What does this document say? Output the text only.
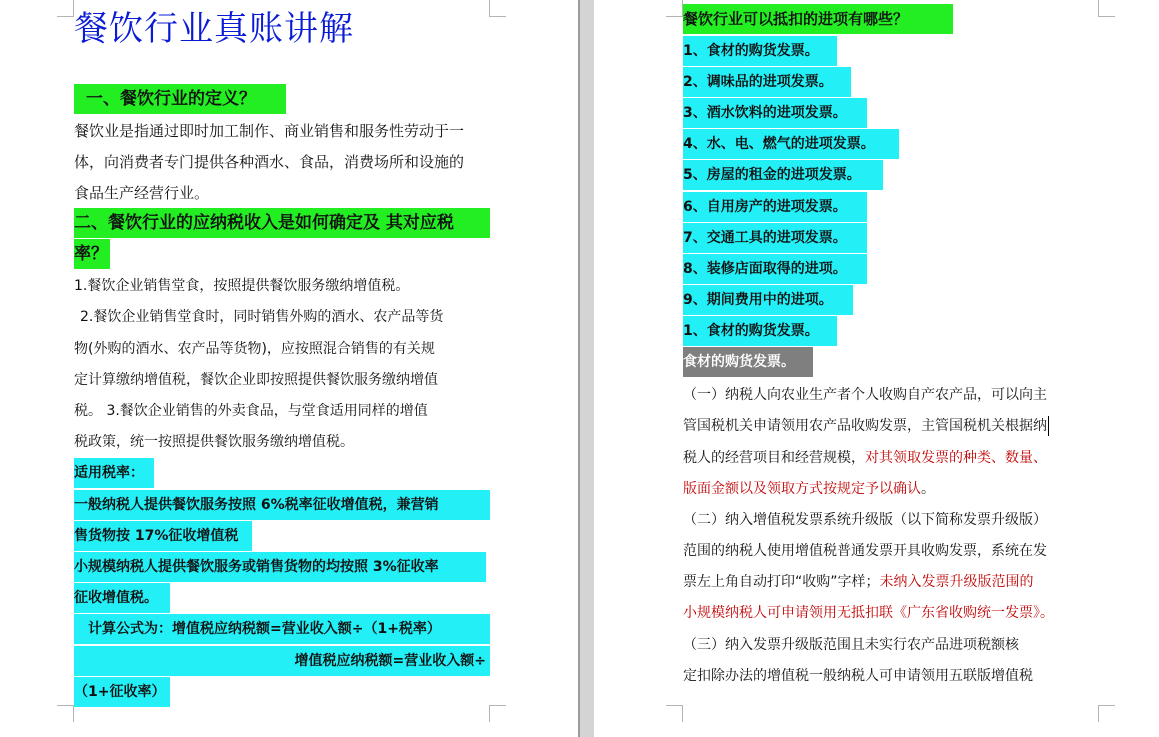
餐饮行业真账讲解
一、餐饮行业的定义？
餐饮业是指通过即时加工制作、商业销售和服务性劳动于一
体，向消费者专门提供各种酒水、食品，消费场所和设施的
食品生产经营行业。
二、餐饮行业的应纳税收入是如何确定及 其对应税
率？
1.餐饮企业销售堂食，按照提供餐饮服务缴纳增值税。
2.餐饮企业销售堂食时，同时销售外购的酒水、农产品等货
物(外购的酒水、农产品等货物)，应按照混合销售的有关规
定计算缴纳增值税，餐饮企业即按照提供餐饮服务缴纳增值
税。 3.餐饮企业销售的外卖食品，与堂食适用同样的增值
税政策，统一按照提供餐饮服务缴纳增值税。
适用税率：
一般纳税人提供餐饮服务按照 6%税率征收增值税，兼营销
售货物按 17%征收增值税
小规模纳税人提供餐饮服务或销售货物的均按照 3%征收率
征收增值税。
计算公式为：增值税应纳税额=营业收入额÷（1+税率）
增值税应纳税额=营业收入额÷
（1+征收率）
餐饮行业可以抵扣的进项有哪些？
1、食材的购货发票。
2、调味品的进项发票。
3、酒水饮料的进项发票。
4、水、电、燃气的进项发票。
5、房屋的租金的进项发票。
6、自用房产的进项发票。
7、交通工具的进项发票。
8、装修店面取得的进项。
9、期间费用中的进项。
1、食材的购货发票。
食材的购货发票。
（一）纳税人向农业生产者个人收购自产农产品，可以向主
管国税机关申请领用农产品收购发票，主管国税机关根据纳
税人的经营项目和经营规模，对其领取发票的种类、数量、
版面金额以及领取方式按规定予以确认。
（二）纳入增值税发票系统升级版（以下简称发票升级版）
范围的纳税人使用增值税普通发票开具收购发票，系统在发
票左上角自动打印“收购”字样；未纳入发票升级版范围的
小规模纳税人可申请领用无抵扣联《广东省收购统一发票》。
（三）纳入发票升级版范围且未实行农产品进项税额核
定扣除办法的增值税一般纳税人可申请领用五联版增值税
